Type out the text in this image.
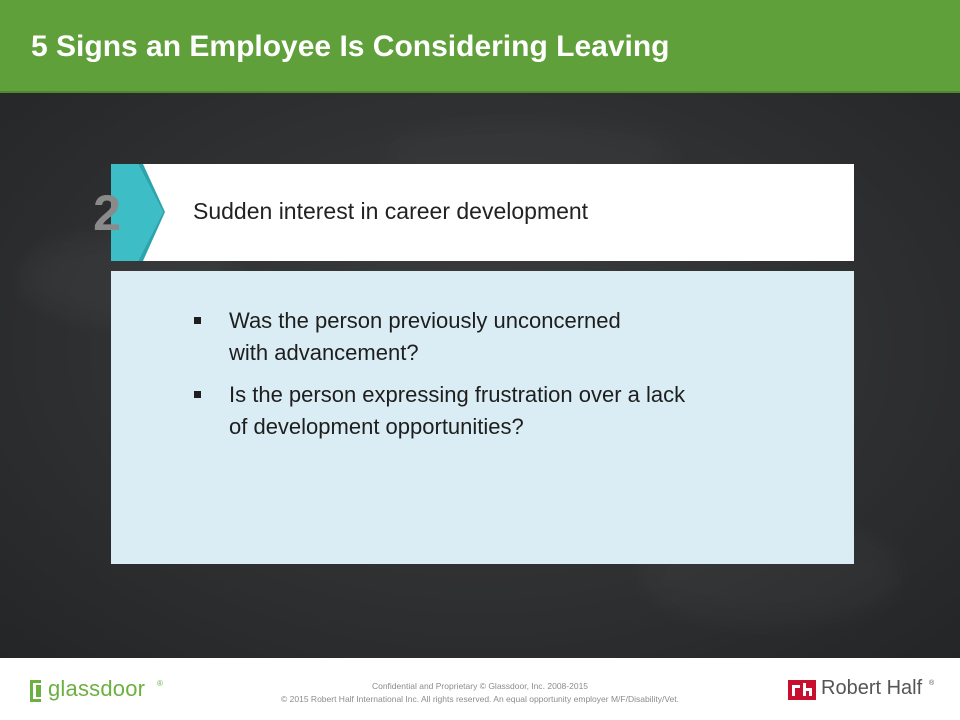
5 Signs an Employee Is Considering Leaving
2	Sudden interest in career development
Was the person previously unconcerned
with advancement?
Is the person expressing frustration over a lack
of development opportunities?
glassdoor ®	Confidential and Proprietary © Glassdoor, Inc. 2008-2015
© 2015 Robert Half International Inc. All rights reserved. An equal opportunity employer M/F/Disability/Vet.	Robert Half ®
